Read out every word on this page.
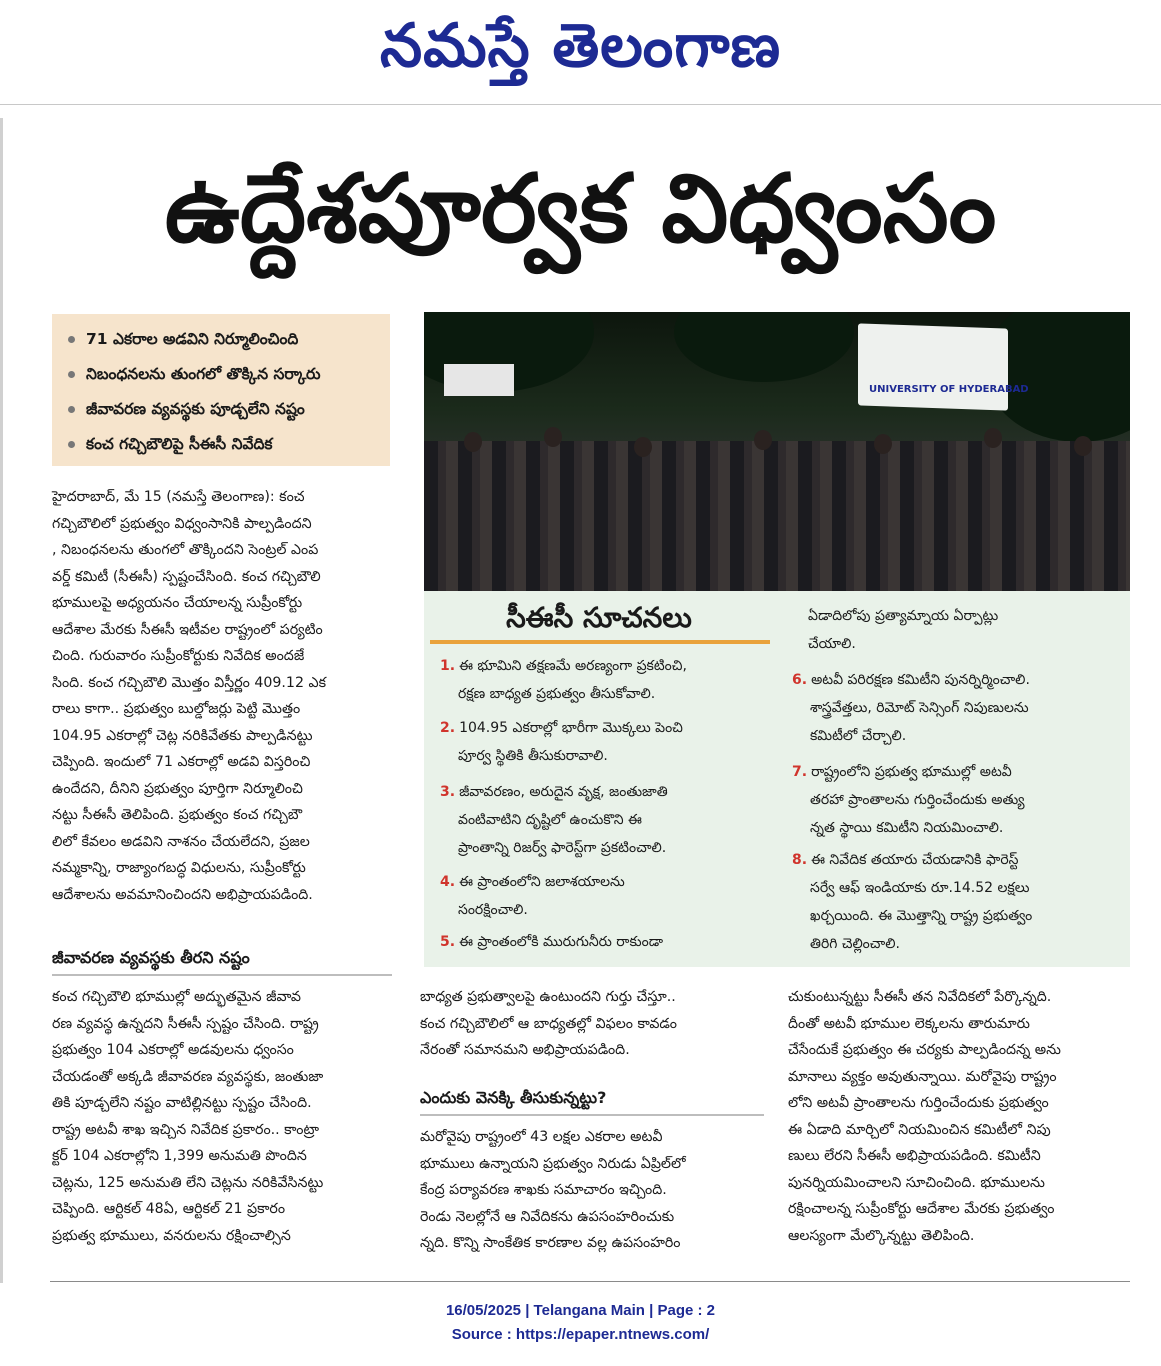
నమస్తే తెలంగాణ
ఉద్దేశపూర్వక విధ్వంసం
71 ఎకరాల అడవిని నిర్మూలించింది
నిబంధనలను తుంగలో తొక్కిన సర్కారు
జీవావరణ వ్యవస్థకు పూడ్చలేని నష్టం
కంచ గచ్చిబౌలిపై సీఈసీ నివేదిక
UNIVERSITY OF HYDERABAD
సీఈసీ సూచనలు
1. ఈ భూమిని తక్షణమే అరణ్యంగా ప్రకటించి,
రక్షణ బాధ్యత ప్రభుత్వం తీసుకోవాలి.
2. 104.95 ఎకరాల్లో భారీగా మొక్కలు పెంచి
పూర్వ స్థితికి తీసుకురావాలి.
3. జీవావరణం, అరుదైన వృక్ష, జంతుజాతి
వంటివాటిని దృష్టిలో ఉంచుకొని ఈ
ప్రాంతాన్ని రిజర్వ్ ఫారెస్ట్‌గా ప్రకటించాలి.
4. ఈ ప్రాంతంలోని జలాశయాలను
సంరక్షించాలి.
5. ఈ ప్రాంతంలోకి మురుగునీరు రాకుండా
ఏడాదిలోపు ప్రత్యామ్నాయ ఏర్పాట్లు
చేయాలి.
6. అటవీ పరిరక్షణ కమిటీని పునర్నిర్మించాలి.
శాస్త్రవేత్తలు, రిమోట్ సెన్సింగ్ నిపుణులను
కమిటీలో చేర్చాలి.
7. రాష్ట్రంలోని ప్రభుత్వ భూముల్లో అటవీ
తరహా ప్రాంతాలను గుర్తించేందుకు అత్యు
న్నత స్థాయి కమిటీని నియమించాలి.
8. ఈ నివేదిక తయారు చేయడానికి ఫారెస్ట్
సర్వే ఆఫ్ ఇండియాకు రూ.14.52 లక్షలు
ఖర్చయింది. ఈ మొత్తాన్ని రాష్ట్ర ప్రభుత్వం
తిరిగి చెల్లించాలి.

హైదరాబాద్, మే 15 (నమస్తే తెలంగాణ): కంచ

గచ్చిబౌలిలో ప్రభుత్వం విధ్వంసానికి పాల్పడిందని

, నిబంధనలను తుంగలో తొక్కిందని సెంట్రల్ ఎంప

వర్డ్ కమిటీ (సీఈసీ) స్పష్టంచేసింది. కంచ గచ్చిబౌలి

భూములపై అధ్యయనం చేయాలన్న సుప్రీంకోర్టు

ఆదేశాల మేరకు సీఈసీ ఇటీవల రాష్ట్రంలో పర్యటిం

చింది. గురువారం సుప్రీంకోర్టుకు నివేదిక అందజే

సింది. కంచ గచ్చిబౌలి మొత్తం విస్తీర్ణం 409.12 ఎక

రాలు కాగా.. ప్రభుత్వం బుల్డోజర్లు పెట్టి మొత్తం

104.95 ఎకరాల్లో చెట్ల నరికివేతకు పాల్పడినట్టు

చెప్పింది. ఇందులో 71 ఎకరాల్లో అడవి విస్తరించి

ఉందేదని, దీనిని ప్రభుత్వం పూర్తిగా నిర్మూలించి

నట్టు సీఈసీ తెలిపింది. ప్రభుత్వం కంచ గచ్చిబౌ

లిలో కేవలం అడవిని నాశనం చేయలేదని, ప్రజల

నమ్మకాన్ని, రాజ్యాంగబద్ధ విధులను, సుప్రీంకోర్టు

ఆదేశాలను అవమానించిందని అభిప్రాయపడింది.

జీవావరణ వ్యవస్థకు తీరని నష్టం

కంచ గచ్చిబౌలి భూముల్లో అద్భుతమైన జీవావ

రణ వ్యవస్థ ఉన్నదని సీఈసీ స్పష్టం చేసింది. రాష్ట్ర

ప్రభుత్వం 104 ఎకరాల్లో అడవులను ధ్వంసం

చేయడంతో అక్కడి జీవావరణ వ్యవస్థకు, జంతుజా

తికి పూడ్చలేని నష్టం వాటిల్లినట్టు స్పష్టం చేసింది.

రాష్ట్ర అటవీ శాఖ ఇచ్చిన నివేదిక ప్రకారం.. కాంట్రా

క్టర్ 104 ఎకరాల్లోని 1,399 అనుమతి పొందిన

చెట్లను, 125 అనుమతి లేని చెట్లను నరికివేసినట్టు

చెప్పింది. ఆర్టికల్ 48ఏ, ఆర్టికల్ 21 ప్రకారం

ప్రభుత్వ భూములు, వనరులను రక్షించాల్సిన

బాధ్యత ప్రభుత్వాలపై ఉంటుందని గుర్తు చేస్తూ..

కంచ గచ్చిబౌలిలో ఆ బాధ్యతల్లో విఫలం కావడం

నేరంతో సమానమని అభిప్రాయపడింది.

ఎందుకు వెనక్కి తీసుకున్నట్టు?

మరోవైపు రాష్ట్రంలో 43 లక్షల ఎకరాల అటవీ

భూములు ఉన్నాయని ప్రభుత్వం నిరుడు ఏప్రిల్‌లో

కేంద్ర పర్యావరణ శాఖకు సమాచారం ఇచ్చింది.

రెండు నెలల్లోనే ఆ నివేదికను ఉపసంహరించుకు

న్నది. కొన్ని సాంకేతిక కారణాల వల్ల ఉపసంహరిం

చుకుంటున్నట్టు సీఈసీ తన నివేదికలో పేర్కొన్నది.

దీంతో అటవీ భూముల లెక్కలను తారుమారు

చేసేందుకే ప్రభుత్వం ఈ చర్యకు పాల్పడిందన్న అను

మానాలు వ్యక్తం అవుతున్నాయి. మరోవైపు రాష్ట్రం

లోని అటవీ ప్రాంతాలను గుర్తించేందుకు ప్రభుత్వం

ఈ ఏడాది మార్చిలో నియమించిన కమిటీలో నిపు

ణులు లేరని సీఈసీ అభిప్రాయపడింది. కమిటీని

పునర్నియమించాలని సూచించింది. భూములను

రక్షించాలన్న సుప్రీంకోర్టు ఆదేశాల మేరకు ప్రభుత్వం

ఆలస్యంగా మేల్కొన్నట్టు తెలిపింది.

16/05/2025 | Telangana Main | Page : 2
Source : https://epaper.ntnews.com/
